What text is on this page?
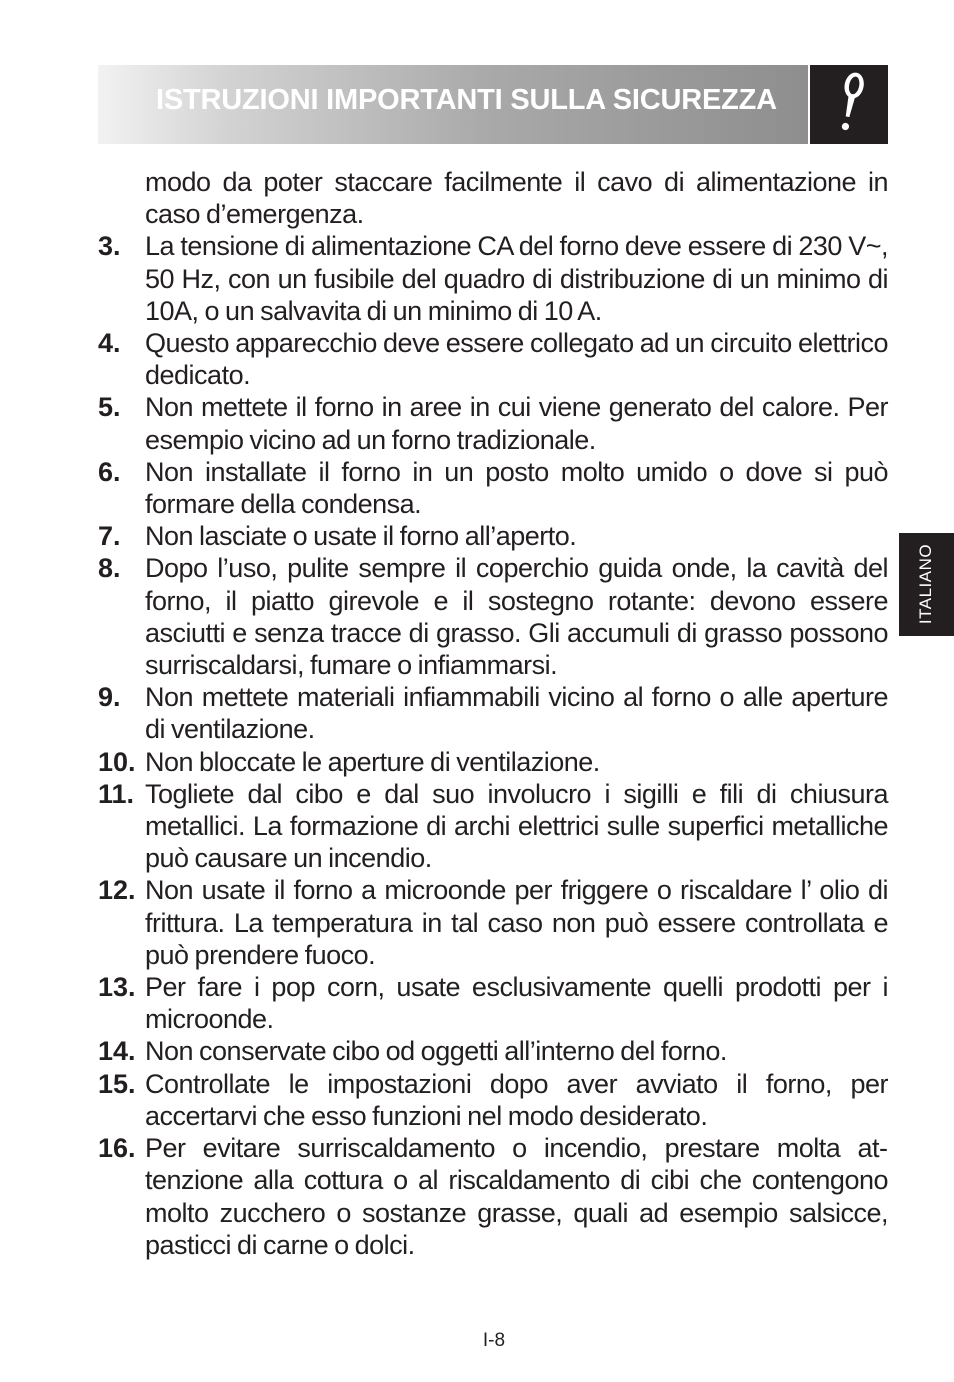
ISTRUZIONI IMPORTANTI SULLA SICUREZZA
modo da poter staccare facilmente il cavo di alimentazione in caso d’emergenza.
3. La tensione di alimentazione CA del forno deve essere di 230 V~, 50 Hz, con un fusibile del quadro di distribuzione di un minimo di 10A, o un salvavita di un minimo di 10 A.
4. Questo apparecchio deve essere collegato ad un circuito elettrico dedicato.
5. Non mettete il forno in aree in cui viene generato del calore. Per esempio vicino ad un forno tradizionale.
6. Non installate il forno in un posto molto umido o dove si può formare della condensa.
7. Non lasciate o usate il forno all’aperto.
8. Dopo l’uso, pulite sempre il coperchio guida onde, la cavità del forno, il piatto girevole e il sostegno rotante: devono essere asciutti e senza tracce di grasso. Gli accumuli di grasso possono surriscaldarsi, fumare o infiammarsi.
9. Non mettete materiali infiammabili vicino al forno o alle aperture di ventilazione.
10. Non bloccate le aperture di ventilazione.
11. Togliete dal cibo e dal suo involucro i sigilli e fili di chiusura metallici. La formazione di archi elettrici sulle superfici metalliche può causare un incendio.
12. Non usate il forno a microonde per friggere o riscaldare l’ olio di frittura. La temperatura in tal caso non può essere controllata e può prendere fuoco.
13. Per fare i pop corn, usate esclusivamente quelli prodotti per i microonde.
14. Non conservate cibo od oggetti all’interno del forno.
15. Controllate le impostazioni dopo aver avviato il forno, per accertarvi che esso funzioni nel modo desiderato.
16. Per evitare surriscaldamento o incendio, prestare molta attenzione alla cottura o al riscaldamento di cibi che contengono molto zucchero o sostanze grasse, quali ad esempio salsicce, pasticci di carne o dolci.
ITALIANO
I-8
